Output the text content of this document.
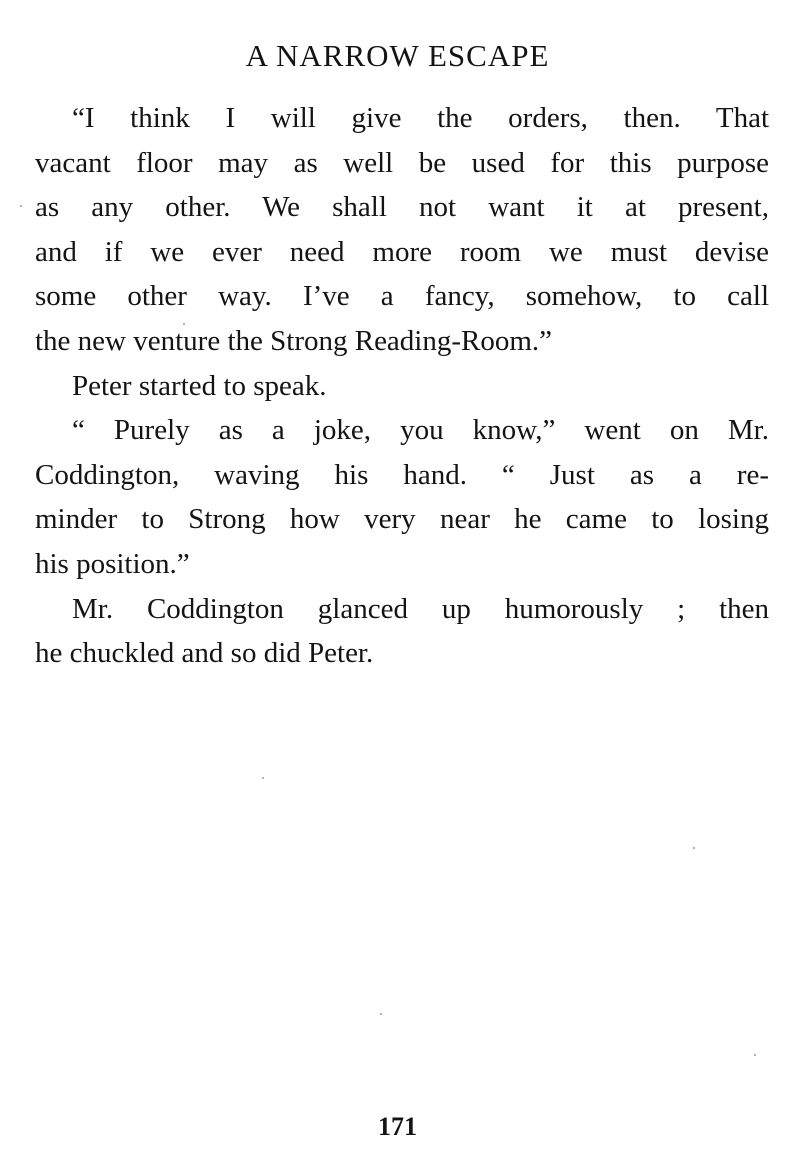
A NARROW ESCAPE
“I think I will give the orders, then. That
vacant floor may as well be used for this purpose
as any other. We shall not want it at present,
and if we ever need more room we must devise
some other way. I’ve a fancy, somehow, to call
the new venture the Strong Reading-Room.”
Peter started to speak.
“ Purely as a joke, you know,” went on Mr.
Coddington, waving his hand. “ Just as a re-
minder to Strong how very near he came to losing
his position.”
Mr. Coddington glanced up humorously ; then
he chuckled and so did Peter.
171
